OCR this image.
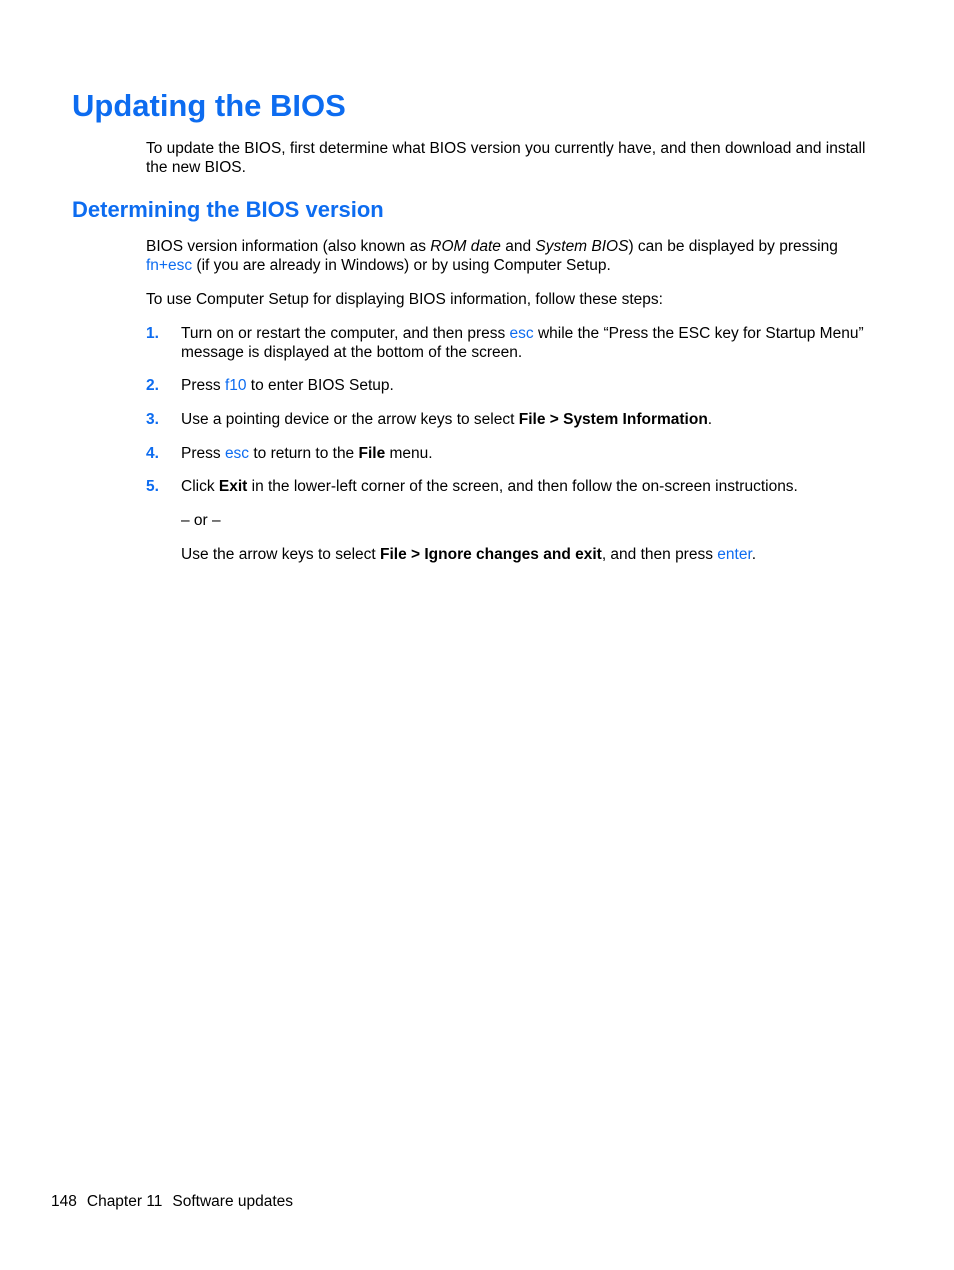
Updating the BIOS

To update the BIOS, first determine what BIOS version you currently have, and then download and install the new BIOS.

Determining the BIOS version

BIOS version information (also known as ROM date and System BIOS) can be displayed by pressing fn+esc (if you are already in Windows) or by using Computer Setup.

To use Computer Setup for displaying BIOS information, follow these steps:

1. Turn on or restart the computer, and then press esc while the “Press the ESC key for Startup Menu” message is displayed at the bottom of the screen.
2. Press f10 to enter BIOS Setup.
3. Use a pointing device or the arrow keys to select File > System Information.
4. Press esc to return to the File menu.
5. Click Exit in the lower-left corner of the screen, and then follow the on-screen instructions.

– or –

Use the arrow keys to select File > Ignore changes and exit, and then press enter.

148 Chapter 11 Software updates
